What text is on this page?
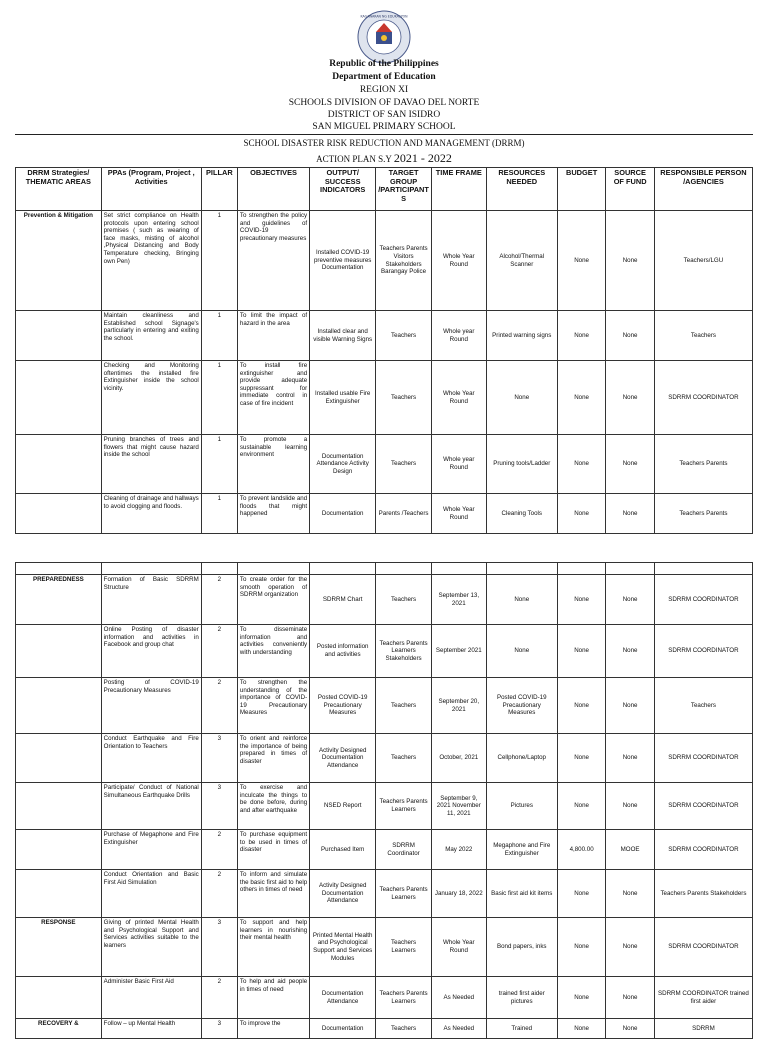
KAGAWARAN NG EDUKASYON
Republic of the Philippines
Department of Education
REGION XI
SCHOOLS DIVISION OF DAVAO DEL NORTE
DISTRICT OF SAN ISIDRO
SAN MIGUEL PRIMARY SCHOOL
SCHOOL DISASTER RISK REDUCTION AND MANAGEMENT (DRRM)
ACTION PLAN S.Y 2021 - 2022
DRRM Strategies/ THEMATIC AREAS	PPAs (Program, Project , Activities	PILLAR	OBJECTIVES	OUTPUT/ SUCCESS INDICATORS	TARGET GROUP /PARTICIPANT S	TIME FRAME	RESOURCES NEEDED	BUDGET	SOURCE OF FUND	RESPONSIBLE PERSON /AGENCIES
Prevention & Mitigation	Set strict compliance on Health protocols upon entering school premises ( such as wearing of face masks, misting of alcohol ,Physical Distancing and Body Temperature checking, Bringing own Pen)	1	To strengthen the policy and guidelines of COVID-19 precautionary measures	Installed COVID-19 preventive measures Documentation	Teachers Parents Visitors Stakeholders Barangay Police	Whole Year Round	Alcohol/Thermal Scanner	None	None	Teachers/LGU
	Maintain cleanliness and Established school Signage's particularly in entering and exiting the school.	1	To limit the impact of hazard in the area	Installed clear and visible Warning Signs	Teachers	Whole year Round	Printed warning signs	None	None	Teachers
	Checking and Monitoring oftentimes the installed fire Extinguisher inside the school vicinity.	1	To install fire extinguisher and provide adequate suppressant for immediate control in case of fire incident	Installed usable Fire Extinguisher	Teachers	Whole Year Round	None	None	None	SDRRM COORDINATOR
	Pruning branches of trees and flowers that might cause hazard inside the school	1	To promote a sustainable learning environment	Documentation Attendance Activity Design	Teachers	Whole year Round	Pruning tools/Ladder	None	None	Teachers Parents
	Cleaning of drainage and hallways to avoid clogging and floods.	1	To prevent landslide and floods that might happened	Documentation	Parents /Teachers	Whole Year Round	Cleaning Tools	None	None	Teachers Parents

PREPAREDNESS	Formation of Basic SDRRM Structure	2	To create order for the smooth operation of SDRRM organization	SDRRM Chart	Teachers	September 13, 2021	None	None	None	SDRRM COORDINATOR
	Online Posting of disaster information and activities in Facebook and group chat	2	To disseminate information and activities conveniently with understanding	Posted information and activities	Teachers Parents Learners Stakeholders	September 2021	None	None	None	SDRRM COORDINATOR
	Posting of COVID-19 Precautionary Measures	2	To strengthen the understanding of the importance of COVID-19 Precautionary Measures	Posted COVID-19 Precautionary Measures	Teachers	September 20, 2021	Posted COVID-19 Precautionary Measures	None	None	Teachers
	Conduct Earthquake and Fire Orientation to Teachers	3	To orient and reinforce the importance of being prepared in times of disaster	Activity Designed Documentation Attendance	Teachers	October, 2021	Cellphone/Laptop	None	None	SDRRM COORDINATOR
	Participate/ Conduct of National Simultaneous Earthquake Drills	3	To exercise and inculcate the things to be done before, during and after earthquake	NSED Report	Teachers Parents Learners	September 9, 2021 November 11, 2021	Pictures	None	None	SDRRM COORDINATOR
	Purchase of Megaphone and Fire Extinguisher	2	To purchase equipment to be used in times of disaster	Purchased Item	SDRRM Coordinator	May 2022	Megaphone and Fire Extinguisher	4,800.00	MOOE	SDRRM COORDINATOR
	Conduct Orientation and Basic First Aid Simulation	2	To inform and simulate the basic first aid to help others in times of need	Activity Designed Documentation Attendance	Teachers Parents Learners	January 18, 2022	Basic first aid kit items	None	None	Teachers Parents Stakeholders
RESPONSE	Giving of printed Mental Health and Psychological Support and Services activities suitable to the learners	3	To support and help learners in nourishing their mental health	Printed Mental Health and Psychological Support and Services Modules	Teachers Learners	Whole Year Round	Bond papers, inks	None	None	SDRRM COORDINATOR
	Administer Basic First Aid	2	To help and aid people in times of need	Documentation Attendance	Teachers Parents Learners	As Needed	trained first aider pictures	None	None	SDRRM COORDINATOR trained first aider
RECOVERY &	Follow – up Mental Health	3	To improve the	Documentation	Teachers	As Needed	Trained	None	None	SDRRM
